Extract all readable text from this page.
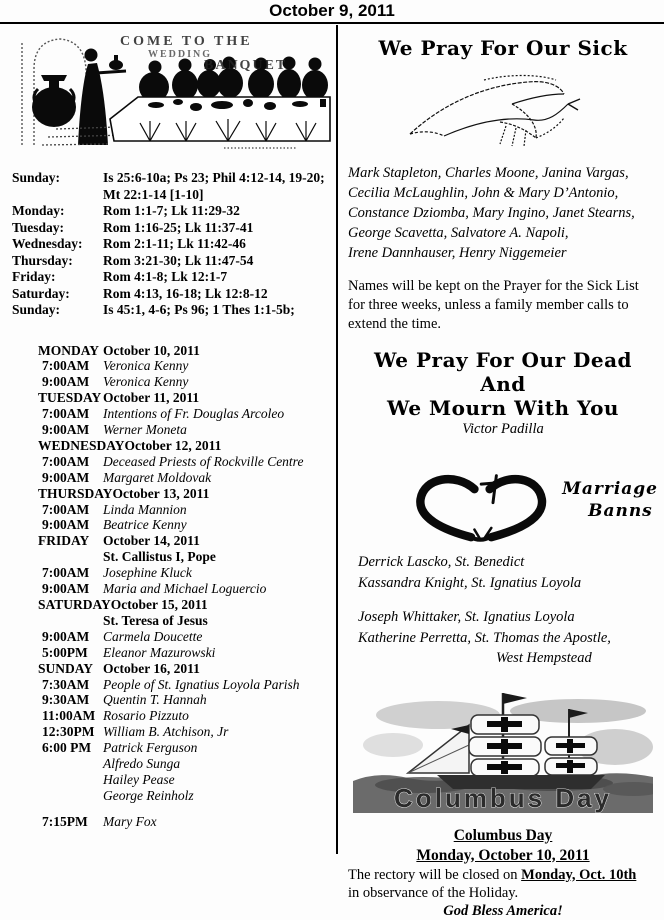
October 9, 2011
COME TO THE
WEDDING
BANQUET
Sunday:	Is 25:6-10a; Ps 23; Phil 4:12-14, 19-20; Mt 22:1-14 [1-10]
Monday:	Rom 1:1-7; Lk 11:29-32
Tuesday:	Rom 1:16-25; Lk 11:37-41
Wednesday:	Rom 2:1-11; Lk 11:42-46
Thursday:	Rom 3:21-30; Lk 11:47-54
Friday:	Rom 4:1-8; Lk 12:1-7
Saturday:	Rom 4:13, 16-18; Lk 12:8-12
Sunday:	Is 45:1, 4-6; Ps 96; 1 Thes 1:1-5b;
MONDAY October 10, 2011
7:00AM	Veronica Kenny
9:00AM	Veronica Kenny
TUESDAY October 11, 2011
7:00AM	Intentions of Fr. Douglas Arcoleo
9:00AM	Werner Moneta
WEDNESDAY October 12, 2011
7:00AM	Deceased Priests of Rockville Centre
9:00AM	Margaret Moldovak
THURSDAY October 13, 2011
7:00AM	Linda Mannion
9:00AM	Beatrice Kenny
FRIDAY	October 14, 2011
St. Callistus I, Pope
7:00AM	Josephine Kluck
9:00AM	Maria and Michael Loguercio
SATURDAY October 15, 2011
St. Teresa of Jesus
9:00AM	Carmela Doucette
5:00PM	Eleanor Mazurowski
SUNDAY October 16, 2011
7:30AM	People of St. Ignatius Loyola Parish
9:30AM	Quentin T. Hannah
11:00AM Rosario Pizzuto
12:30PM William B. Atchison, Jr
6:00 PM Patrick Ferguson
Alfredo Sunga
Hailey Pease
George Reinholz
7:15PM	Mary Fox
We Pray For Our Sick
Mark Stapleton, Charles Moone, Janina Vargas,
Cecilia McLaughlin, John & Mary D’Antonio,
Constance Dziomba, Mary Ingino, Janet Stearns,
George Scavetta, Salvatore A. Napoli,
Irene Dannhauser, Henry Niggemeier
Names will be kept on the Prayer for the Sick List for three weeks, unless a family member calls to extend the time.
We Pray For Our Dead And
We Mourn With You
Victor Padilla
Marriage
Banns
Derrick Lascko, St. Benedict
Kassandra Knight, St. Ignatius Loyola
Joseph Whittaker, St. Ignatius Loyola
Katherine Perretta, St. Thomas the Apostle,
West Hempstead
Columbus Day
Columbus Day
Monday, October 10, 2011
The rectory will be closed on Monday, Oct. 10th
in observance of the Holiday.
God Bless America!
